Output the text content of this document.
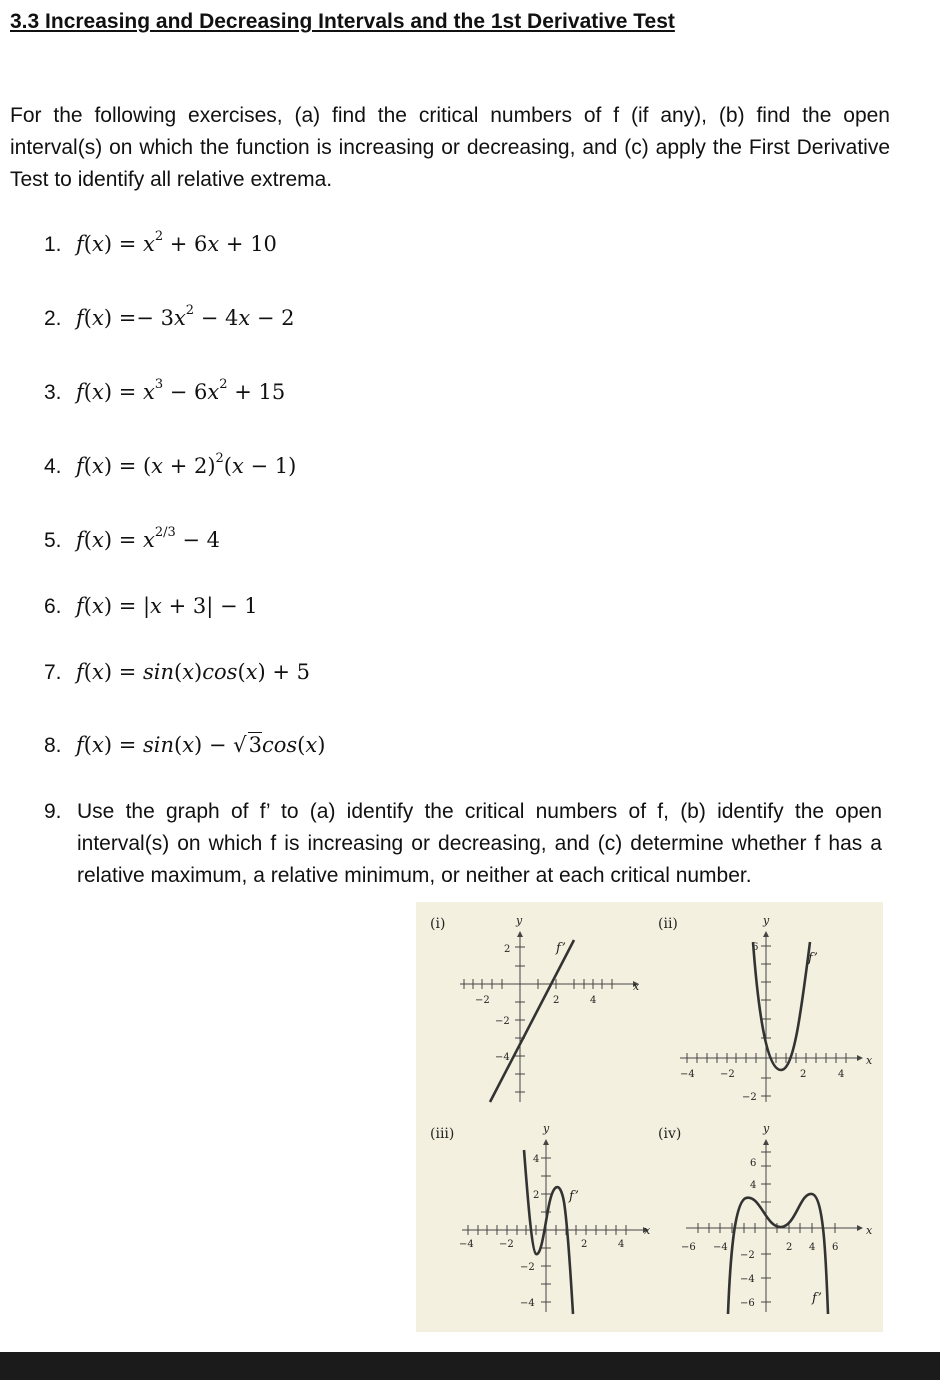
3.3 Increasing and Decreasing Intervals and the 1st Derivative Test
For the following exercises, (a) find the critical numbers of f (if any), (b) find the open interval(s) on which the function is increasing or decreasing, and (c) apply the First Derivative Test to identify all relative extrema.
1. $f(x) = x^2 + 6x + 10$
2. $f(x) =- 3x^2 - 4x - 2$
3. $f(x) = x^3 - 6x^2 + 15$
4. $f(x) = (x + 2)^2(x - 1)$
5. $f(x) = x^{2/3} - 4$
6. f(x) = |x + 3| − 1
7. f(x) = sin(x)cos(x) + 5
8. f(x) = sin(x) − √3cos(x)
9. Use the graph of f’ to (a) identify the critical numbers of f, (b) identify the open interval(s) on which f is increasing or decreasing, and (c) determine whether f has a relative maximum, a relative minimum, or neither at each critical number.
(i)	y
x
−2	2	4
2
−2
−4
f’
(ii)	y
x
−4	−2	2	4
6
−2
f’
(iii)	y
x
−4	−2	2	4
4
2
−2
−4
f’
(iv)	y
x
−6 −4	2 4 6
6
4
−2
−4
−6	f’
